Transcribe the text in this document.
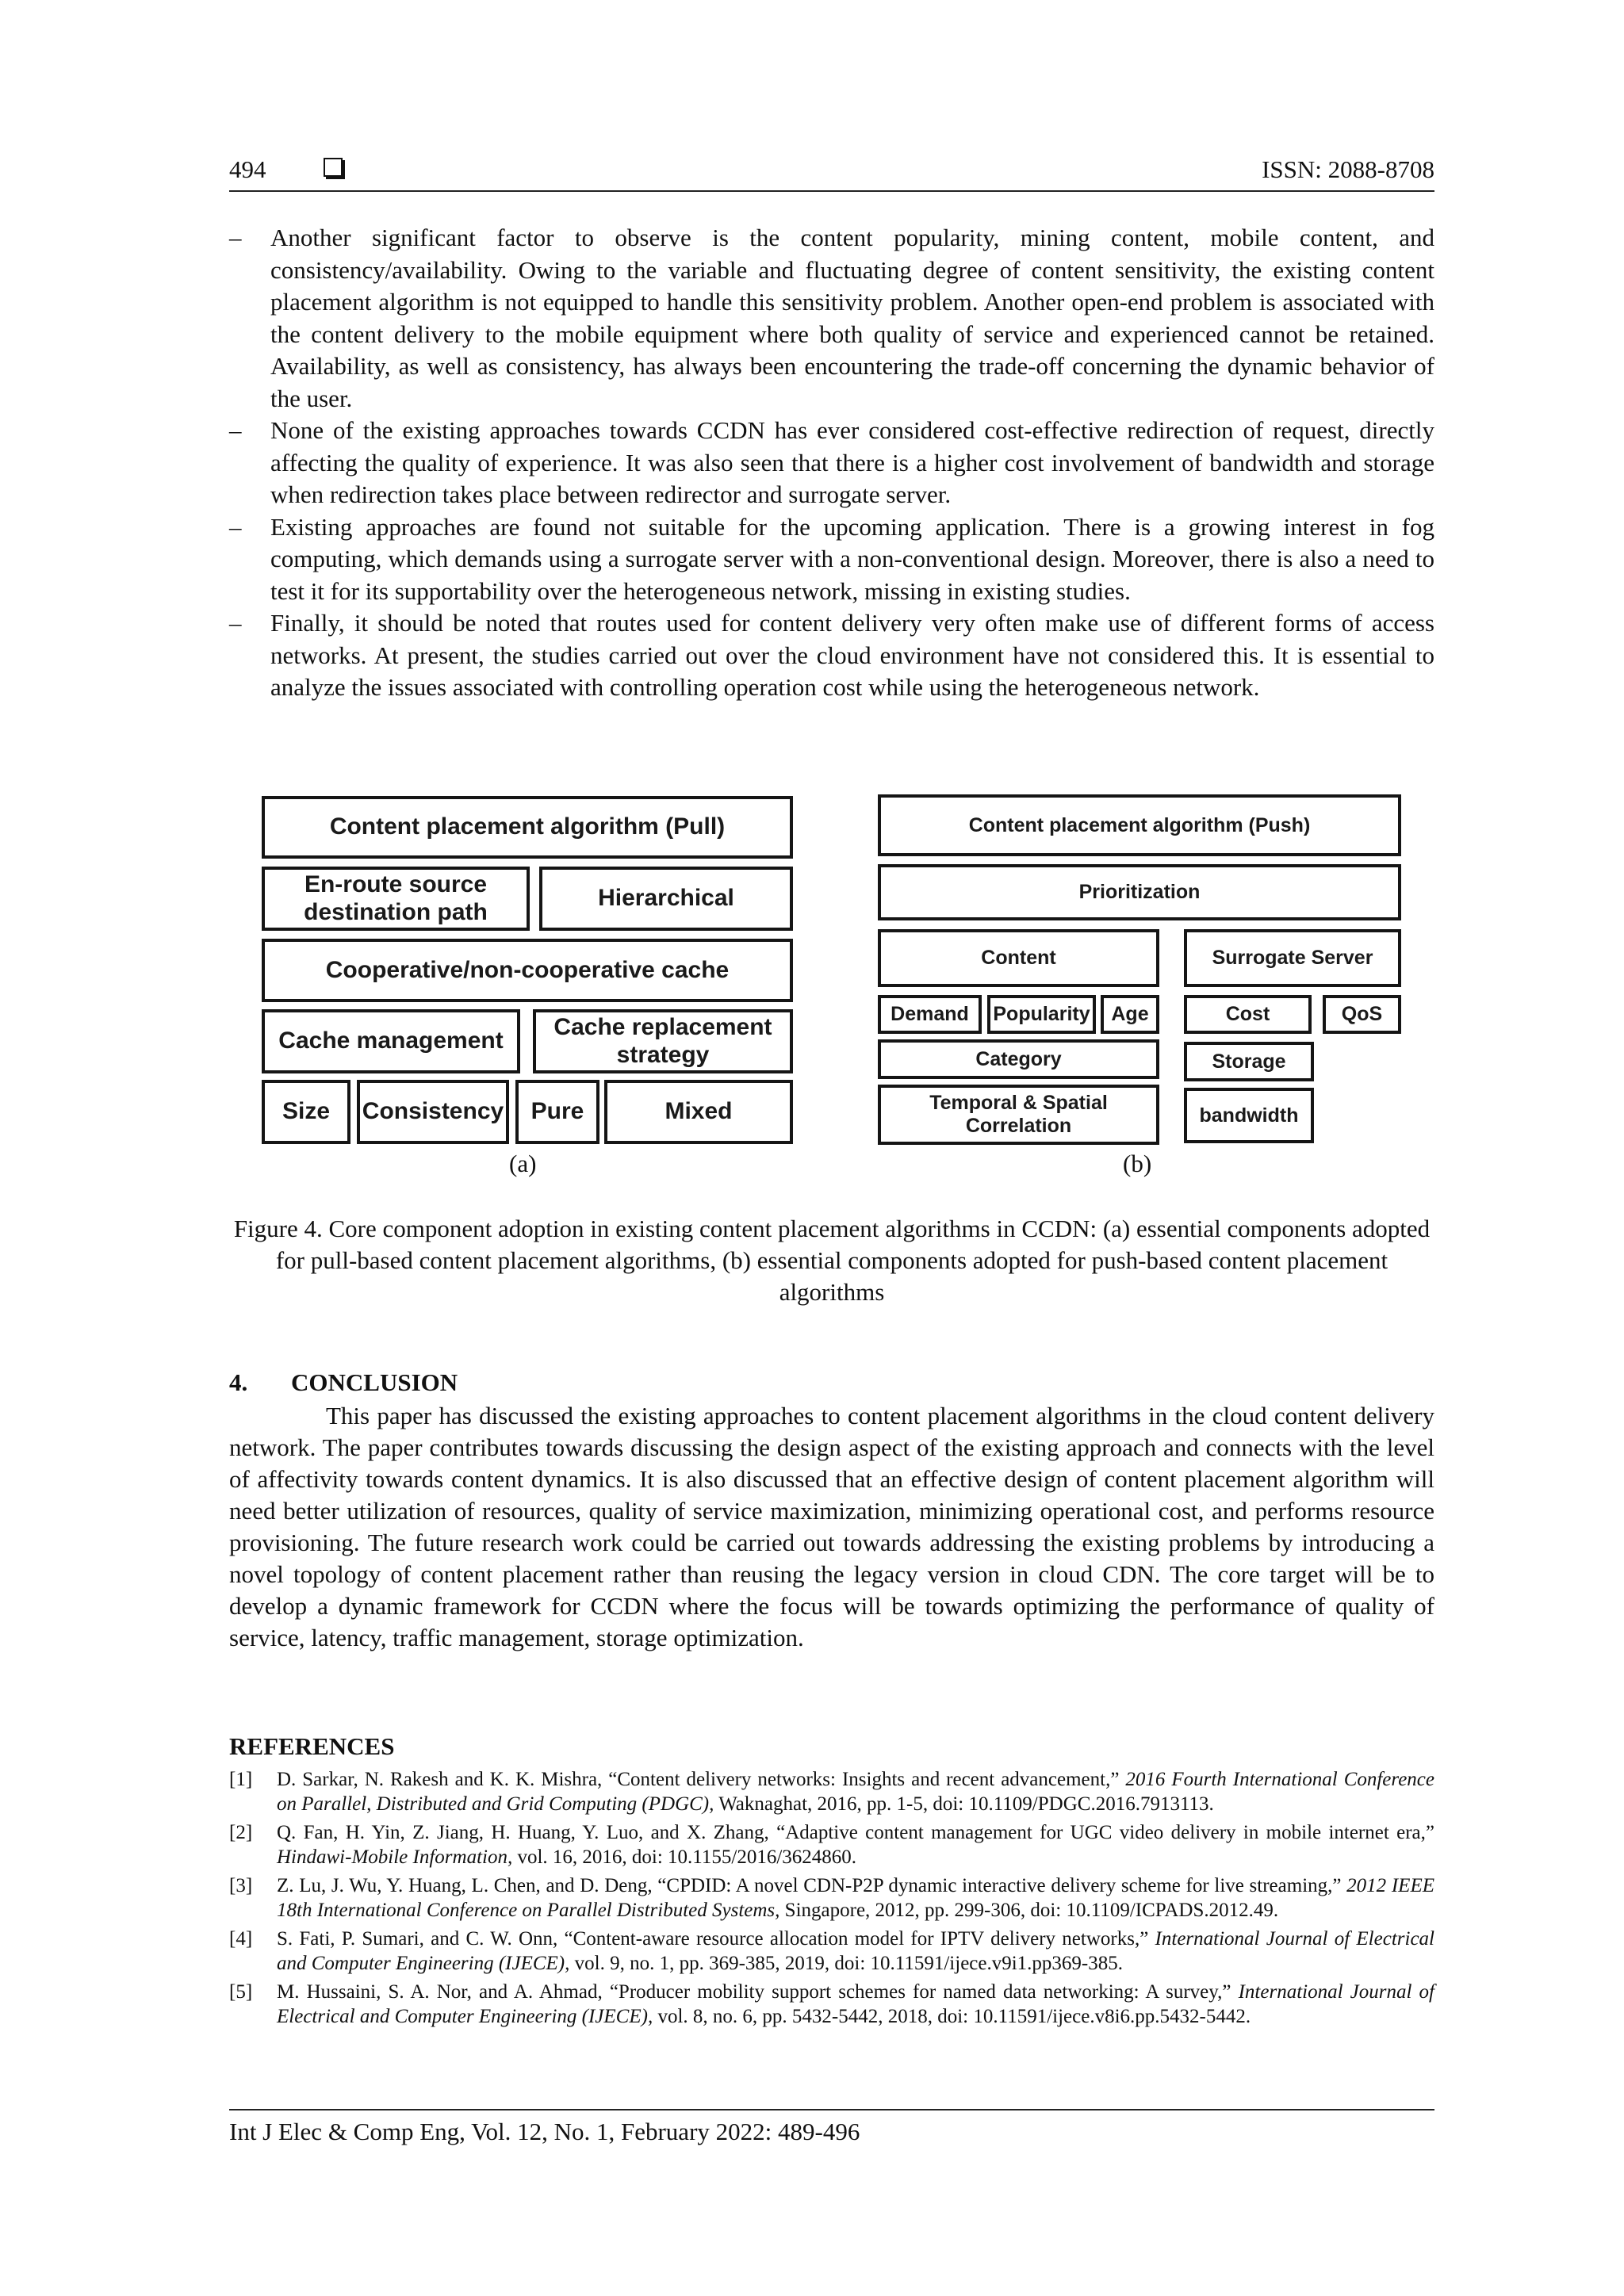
494	ISSN: 2088-8708
– Another significant factor to observe is the content popularity, mining content, mobile content, and consistency/availability. Owing to the variable and fluctuating degree of content sensitivity, the existing content placement algorithm is not equipped to handle this sensitivity problem. Another open-end problem is associated with the content delivery to the mobile equipment where both quality of service and experienced cannot be retained. Availability, as well as consistency, has always been encountering the trade-off concerning the dynamic behavior of the user.
– None of the existing approaches towards CCDN has ever considered cost-effective redirection of request, directly affecting the quality of experience. It was also seen that there is a higher cost involvement of bandwidth and storage when redirection takes place between redirector and surrogate server.
– Existing approaches are found not suitable for the upcoming application. There is a growing interest in fog computing, which demands using a surrogate server with a non-conventional design. Moreover, there is also a need to test it for its supportability over the heterogeneous network, missing in existing studies.
– Finally, it should be noted that routes used for content delivery very often make use of different forms of access networks. At present, the studies carried out over the cloud environment have not considered this. It is essential to analyze the issues associated with controlling operation cost while using the heterogeneous network.
Content placement algorithm (Pull)
En-route source destination path
Hierarchical
Cooperative/non-cooperative cache
Cache management
Cache replacement strategy
Size	Consistency	Pure	Mixed
(a)
Content placement algorithm (Push)
Prioritization
Content	Surrogate Server
Demand	Popularity	Age	Cost	QoS
Category	Storage
Temporal & Spatial Correlation	bandwidth
(b)
Figure 4. Core component adoption in existing content placement algorithms in CCDN: (a) essential components adopted for pull-based content placement algorithms, (b) essential components adopted for push-based content placement algorithms
4. CONCLUSION
This paper has discussed the existing approaches to content placement algorithms in the cloud content delivery network. The paper contributes towards discussing the design aspect of the existing approach and connects with the level of affectivity towards content dynamics. It is also discussed that an effective design of content placement algorithm will need better utilization of resources, quality of service maximization, minimizing operational cost, and performs resource provisioning. The future research work could be carried out towards addressing the existing problems by introducing a novel topology of content placement rather than reusing the legacy version in cloud CDN. The core target will be to develop a dynamic framework for CCDN where the focus will be towards optimizing the performance of quality of service, latency, traffic management, storage optimization.
REFERENCES
[1] D. Sarkar, N. Rakesh and K. K. Mishra, “Content delivery networks: Insights and recent advancement,” 2016 Fourth International Conference on Parallel, Distributed and Grid Computing (PDGC), Waknaghat, 2016, pp. 1-5, doi: 10.1109/PDGC.2016.7913113.
[2] Q. Fan, H. Yin, Z. Jiang, H. Huang, Y. Luo, and X. Zhang, “Adaptive content management for UGC video delivery in mobile internet era,” Hindawi-Mobile Information, vol. 16, 2016, doi: 10.1155/2016/3624860.
[3] Z. Lu, J. Wu, Y. Huang, L. Chen, and D. Deng, “CPDID: A novel CDN-P2P dynamic interactive delivery scheme for live streaming,” 2012 IEEE 18th International Conference on Parallel Distributed Systems, Singapore, 2012, pp. 299-306, doi: 10.1109/ICPADS.2012.49.
[4] S. Fati, P. Sumari, and C. W. Onn, “Content-aware resource allocation model for IPTV delivery networks,” International Journal of Electrical and Computer Engineering (IJECE), vol. 9, no. 1, pp. 369-385, 2019, doi: 10.11591/ijece.v9i1.pp369-385.
[5] M. Hussaini, S. A. Nor, and A. Ahmad, “Producer mobility support schemes for named data networking: A survey,” International Journal of Electrical and Computer Engineering (IJECE), vol. 8, no. 6, pp. 5432-5442, 2018, doi: 10.11591/ijece.v8i6.pp.5432-5442.
Int J Elec & Comp Eng, Vol. 12, No. 1, February 2022: 489-496
